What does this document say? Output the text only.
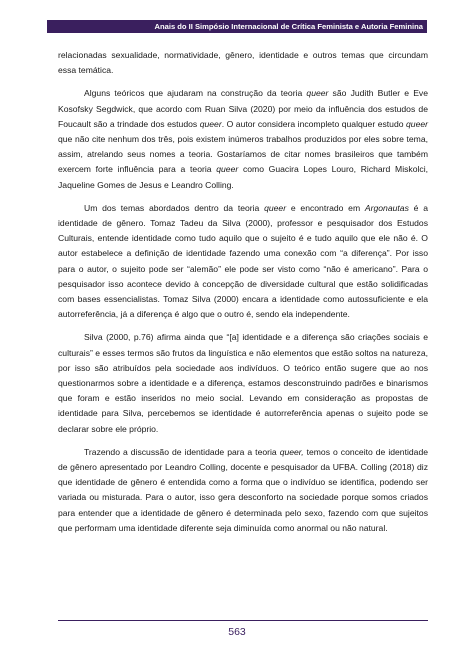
Anais do II Simpósio Internacional de Crítica Feminista e Autoria Feminina

relacionadas sexualidade, normatividade, gênero, identidade e outros temas que circundam essa temática.

Alguns teóricos que ajudaram na construção da teoria queer são Judith Butler e Eve Kosofsky Segdwick, que acordo com Ruan Silva (2020) por meio da influência dos estudos de Foucault são a trindade dos estudos queer. O autor considera incompleto qualquer estudo queer que não cite nenhum dos três, pois existem inúmeros trabalhos produzidos por eles sobre tema, assim, atrelando seus nomes a teoria. Gostaríamos de citar nomes brasileiros que também exercem forte influência para a teoria queer como Guacira Lopes Louro, Richard Miskolci, Jaqueline Gomes de Jesus e Leandro Colling.

Um dos temas abordados dentro da teoria queer e encontrado em Argonautas é a identidade de gênero. Tomaz Tadeu da Silva (2000), professor e pesquisador dos Estudos Culturais, entende identidade como tudo aquilo que o sujeito é e tudo aquilo que ele não é. O autor estabelece a definição de identidade fazendo uma conexão com “a diferença”. Por isso para o autor, o sujeito pode ser “alemão” ele pode ser visto como “não é americano”. Para o pesquisador isso acontece devido à concepção de diversidade cultural que estão solidificadas com bases essencialistas. Tomaz Silva (2000) encara a identidade como autossuficiente e ela autorreferência, já a diferença é algo que o outro é, sendo ela independente.

Silva (2000, p.76) afirma ainda que “[a] identidade e a diferença são criações sociais e culturais” e esses termos são frutos da linguística e não elementos que estão soltos na natureza, por isso são atribuídos pela sociedade aos indivíduos. O teórico então sugere que ao nos questionarmos sobre a identidade e a diferença, estamos desconstruindo padrões e binarismos que foram e estão inseridos no meio social. Levando em consideração as propostas de identidade para Silva, percebemos se identidade é autorreferência apenas o sujeito pode se declarar sobre ele próprio.

Trazendo a discussão de identidade para a teoria queer, temos o conceito de identidade de gênero apresentado por Leandro Colling, docente e pesquisador da UFBA. Colling (2018) diz que identidade de gênero é entendida como a forma que o indivíduo se identifica, podendo ser variada ou misturada. Para o autor, isso gera desconforto na sociedade porque somos criados para entender que a identidade de gênero é determinada pelo sexo, fazendo com que sujeitos que performam uma identidade diferente seja diminuída como anormal ou não natural.

563
